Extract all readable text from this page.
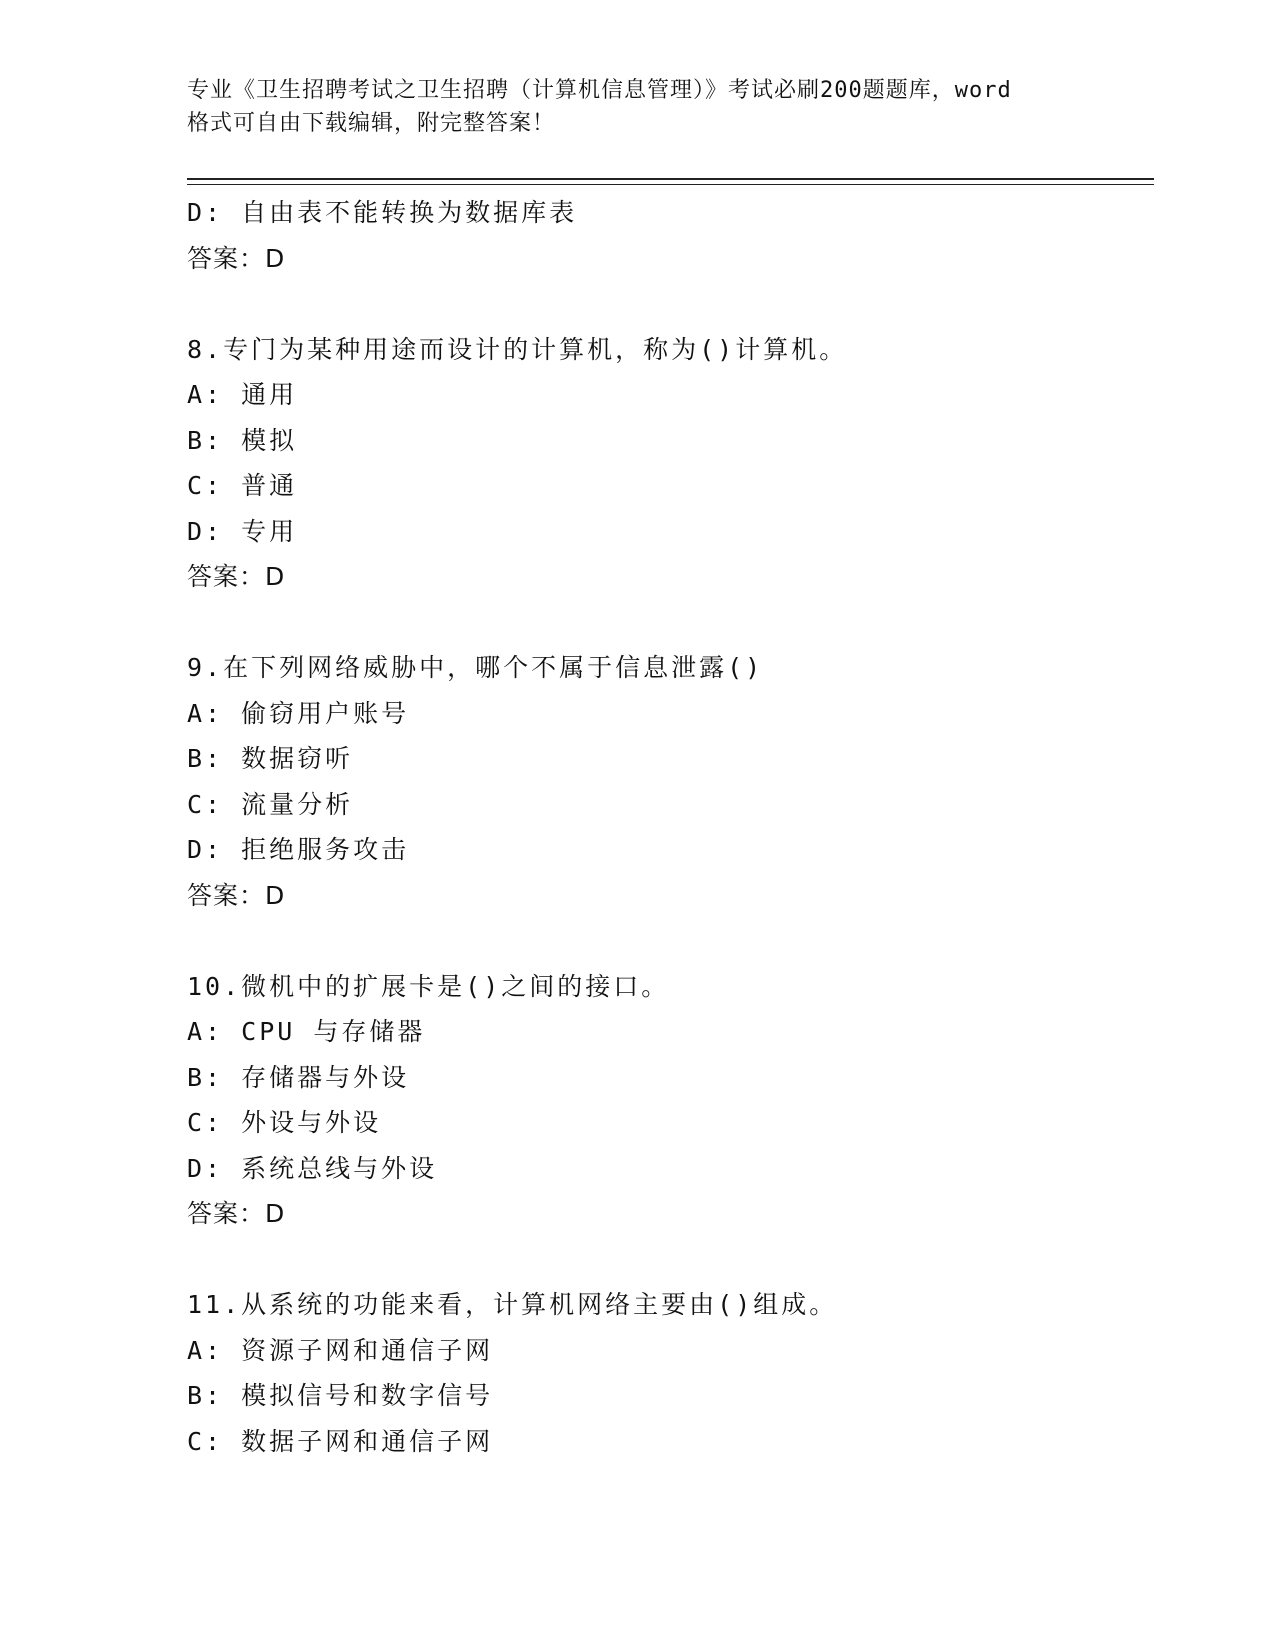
专业《卫生招聘考试之卫生招聘（计算机信息管理）》考试必刷200题题库，word
格式可自由下载编辑，附完整答案！
D: 自由表不能转换为数据库表
答案：D
8.专门为某种用途而设计的计算机，称为()计算机。
A: 通用
B: 模拟
C: 普通
D: 专用
答案：D
9.在下列网络威胁中，哪个不属于信息泄露()
A: 偷窃用户账号
B: 数据窃听
C: 流量分析
D: 拒绝服务攻击
答案：D
10.微机中的扩展卡是()之间的接口。
A: CPU 与存储器
B: 存储器与外设
C: 外设与外设
D: 系统总线与外设
答案：D
11.从系统的功能来看，计算机网络主要由()组成。
A: 资源子网和通信子网
B: 模拟信号和数字信号
C: 数据子网和通信子网
